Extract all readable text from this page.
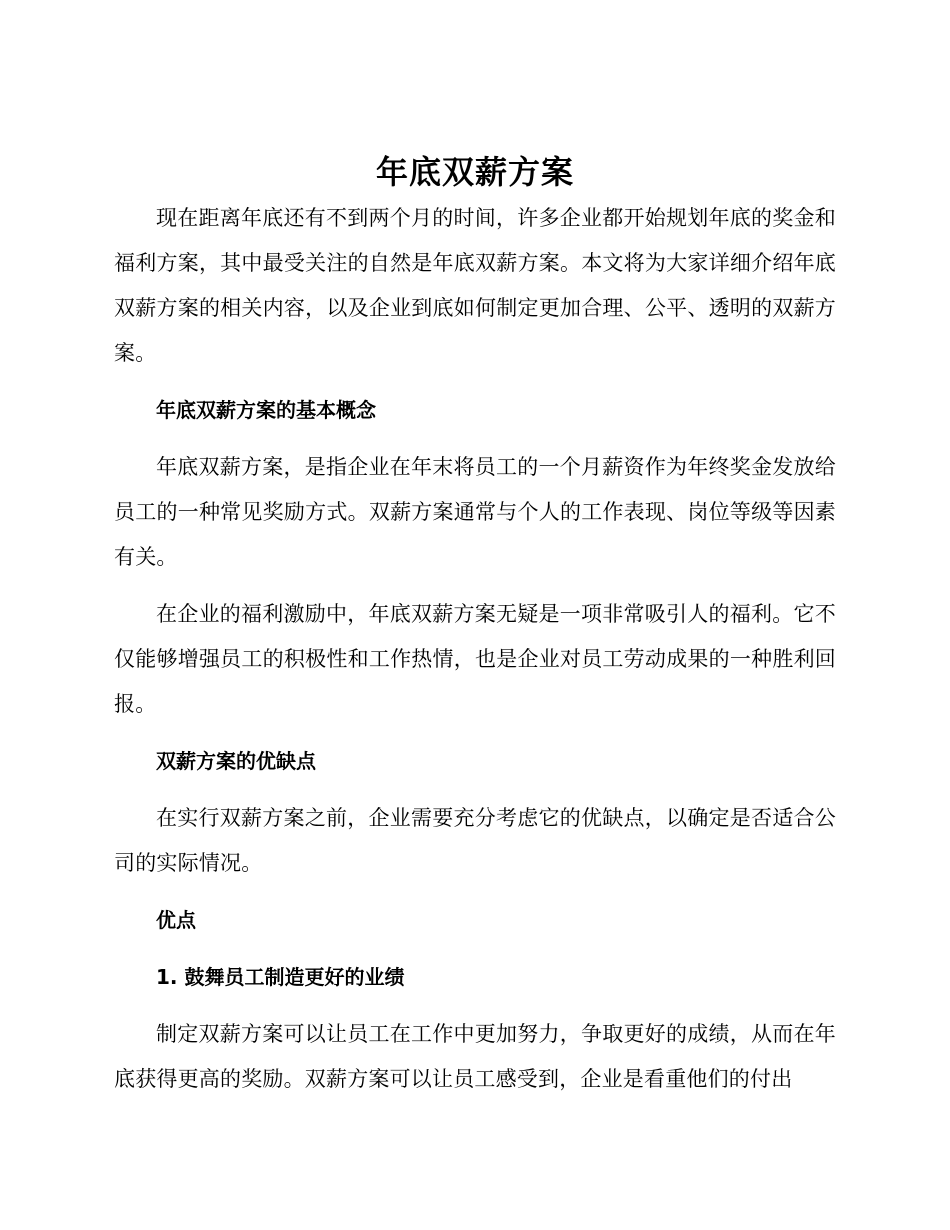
年底双薪方案

现在距离年底还有不到两个月的时间，许多企业都开始规划年底的奖金和福利方案，其中最受关注的自然是年底双薪方案。本文将为大家详细介绍年底双薪方案的相关内容，以及企业到底如何制定更加合理、公平、透明的双薪方案。

年底双薪方案的基本概念

年底双薪方案，是指企业在年末将员工的一个月薪资作为年终奖金发放给员工的一种常见奖励方式。双薪方案通常与个人的工作表现、岗位等级等因素有关。

在企业的福利激励中，年底双薪方案无疑是一项非常吸引人的福利。它不仅能够增强员工的积极性和工作热情，也是企业对员工劳动成果的一种胜利回报。

双薪方案的优缺点

在实行双薪方案之前，企业需要充分考虑它的优缺点，以确定是否适合公司的实际情况。

优点
1. 鼓舞员工制造更好的业绩

制定双薪方案可以让员工在工作中更加努力，争取更好的成绩，从而在年底获得更高的奖励。双薪方案可以让员工感受到，企业是看重他们的付出
